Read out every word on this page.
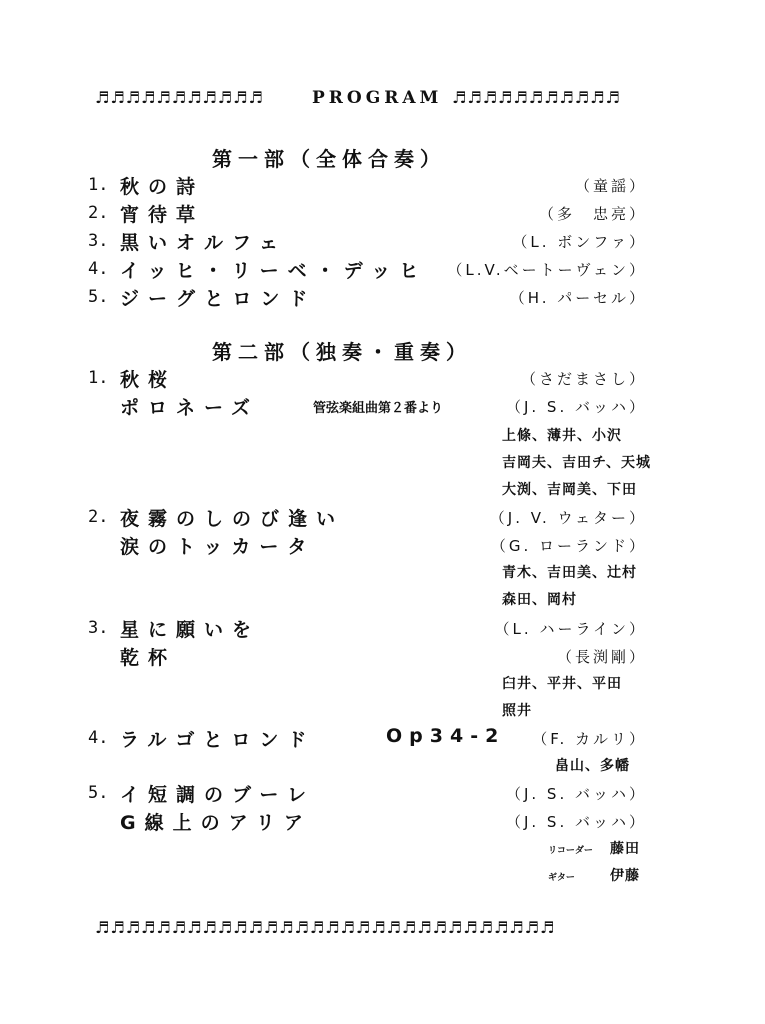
♬♬♬♬♬♬♬♬♬♬♬	PROGRAM ♬♬♬♬♬♬♬♬♬♬♬
第一部（全体合奏）
1. 秋の詩	（童謡）
2. 宵待草	（多　忠亮）
3. 黒いオルフェ	（L. ボンファ）
4. イッヒ・リーベ・デッヒ （L.V.ベートーヴェン）
5. ジーグとロンド	（H. パーセル）
第二部（独奏・重奏）
1. 秋桜	（さだまさし）
ポロネーズ	管弦楽組曲第２番より	（J. S. バッハ）
上條、薄井、小沢
吉岡夫、吉田チ、天城
大渕、吉岡美、下田
2. 夜霧のしのび逢い	（J. V. ウェター）
涙のトッカータ	（G. ローランド）
青木、吉田美、辻村
森田、岡村
3. 星に願いを	（L. ハーライン）
乾杯	（長渕剛）
臼井、平井、平田
照井
4. ラルゴとロンド	Op34-2 （F. カルリ）
畠山、多幡
5. イ短調のブーレ	（J. S. バッハ）
G線上のアリア	（J. S. バッハ）
リコーダー 藤田
ギター	伊藤
♬♬♬♬♬♬♬♬♬♬♬♬♬♬♬♬♬♬♬♬♬♬♬♬♬♬♬♬♬♬
